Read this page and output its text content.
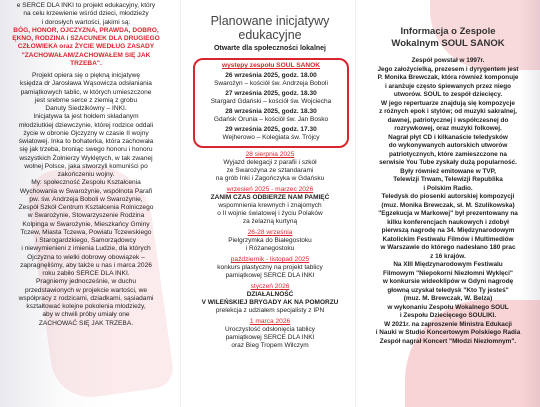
e SERCE DLA INKI to projekt edukacyjny, który
na celu krzewienie wśród dzieci, młodzieży
i dorosłych wartości, jakimi są:
BÓG, HONOR, OJCZYZNA, PRAWDA, DOBRO,
ĘKNO, RODZINA i SZACUNEK DLA DRUGIEGO
CZŁOWIEKA oraz ŻYCIE WEDŁUG ZASADY
"ZACHOWAŁAM/ZACHOWAŁEM SIĘ JAK
TRZEBA".
Projekt opiera się o piękną inicjatywę
księdza dr Jarosława Wąsowicza odsłaniania
pamiątkowych tablic, w których umieszczone
jest srebrne serce z ziemią z grobu
Danuty Siedzikówny – INKI.
Inicjatywa ta jest hołdem składanym
młodziutkiej dziewczynie, której rodzice oddali
życie w obronie Ojczyzny w czasie II wojny
światowej. Inka to bohaterka, która zachowała
się jak trzeba, broniąc swego honoru i honoru
wszystkich Żołnierzy Wyklętych, w tak zwanej
wolnej Polsce, jaka stworzyli komuniści po
zakończeniu wojny.
My: społeczność Zespołu Kształcenia
Wychowania w Swarożynie, wspólnota Parafi
pw. św. Andrzeja Boboli w Swarożynie,
Zespół Szkół Centrum Kształcenia Rolniczego
w Swarożynie, Stowarzyszenie Rodzina
Kolpinga w Swarożynie, Mieszkańcy Gminy
Tczew, Miasta Tczewa, Powiatu Tczewskiego
i Starogardzkiego, Samorządowcy
i niewymienieni z imienia Ludzie, dla których
Ojczyzna to wielki dobrowy obowiązek –
zapragnęliśmy, aby także u nas i marca 2026
roku zabiło SERCE DLA INKI.
Pragniemy jednocześnie, w duchu
przedstawionych w projekcie wartości, we
współpracy z rodzicami, dziadkami, sąsiadami
kształtować kolejne pokolenia młodzieży,
aby w chwili próby umiały one
ZACHOWAĆ SIĘ JAK TRZEBA.
Planowane inicjatywy
edukacyjne
Otwarte dla społeczności lokalnej
występy zespołu SOUL SANOK
26 września 2025, godz. 18.00
Swarożyn – kościół św. Andrzeja Boboli
27 września 2025, godz. 18.30
Stargard Gdański – kościół św. Wojciecha
28 września 2025, godz. 18.30
Gdańsk Orunia – kościół św. Jan Bosko
29 września 2025, godz. 17.30
Wejherowo – Kolegiata św. Trójcy
28 sierpnia 2025
Wyjazd delegacji z parafii i szkół
ze Swarożyna ze sztandarami
na grób Inki i Zagończyka w Gdańsku
wrzesień 2025 - marzec 2026
ZANIM CZAS ODBIERZE NAM PAMIĘĆ
wspomnienia krewnych i znajomych
o II wojnie światowej i życiu Polaków
za żelazną kurtyną
26-28 września
Pielgrzymka do Białegostoku
i Różanegostoku
październik - listopad 2025
konkurs plastyczny na projekt tablicy
pamiątkowej SERCE DLA INKI
styczeń 2026
DZIAŁALNOŚĆ
V WILEŃSKIEJ BRYGADY AK NA POMORZU
prelekcja z udziałem specjalisty z IPN
1 marca 2026
Uroczystość odsłonięcia tablicy
pamiątkowej SERCE DLA INKI
oraz Bieg Tropem Wilczym
Informacja o Zespole
Wokalnym SOUL SANOK
Zespół powstał w 1997r.
Jego założycielką, prezesem i dyrygentem jest
P. Monika Brewczak, która również komponuje
i aranżuje często śpiewanych przez niego
utworów. SOUL to zespół dziecięcy.
W jego repertuarze znajdują się kompozycje
z różnych epok i stylów; od muzyki sakralnej,
dawnej, patriotycznej i współczesnej do
rozrywkowej, oraz muzyki folkowej.
Nagrał płyt CD i kilkanaście teledysków
do wykonywanych autorskich utworów
patriotycznych, które zamieszczone na
serwisie You Tube zyskały dużą popularność.
Były również emitowane w TVP,
Telewizji Trwam, Telewizji Republika
i Polskim Radio.
Teledysk do piosenki autorskiej kompozycji
(muz. Monika Brewczak, sł. M. Szulikowska)
"Egzekucja w Markowej" był prezentowany na
kilku konferencjach naukowych i zdobył
pierwszą nagrodę na 34. Międzynarodowym
Katolickim Festiwalu Filmów i Multimediów
w Warszawie do którego nadesłano 180 prac
z 16 krajów.
Na XIII Międzynarodowym Festiwalu
Filmowym "Niepokorni Niezłomni Wyklęci"
w konkursie wideoklipów w Gdyni nagrodę
głowną uzyskał teledysk "Kto Ty jesteś"
(muz. M. Brewczak, W. Belza)
w wykonaniu Zespołu Wokalnego SOUL
i Zespołu Dziecięcego SOULIKI.
W 2021r. na zaproszenie Ministra Edukacji
i Nauki w Studio Koncertowym Polskiego Radia
Zespół nagrał Koncert "Młodzi Niezłomnym".
